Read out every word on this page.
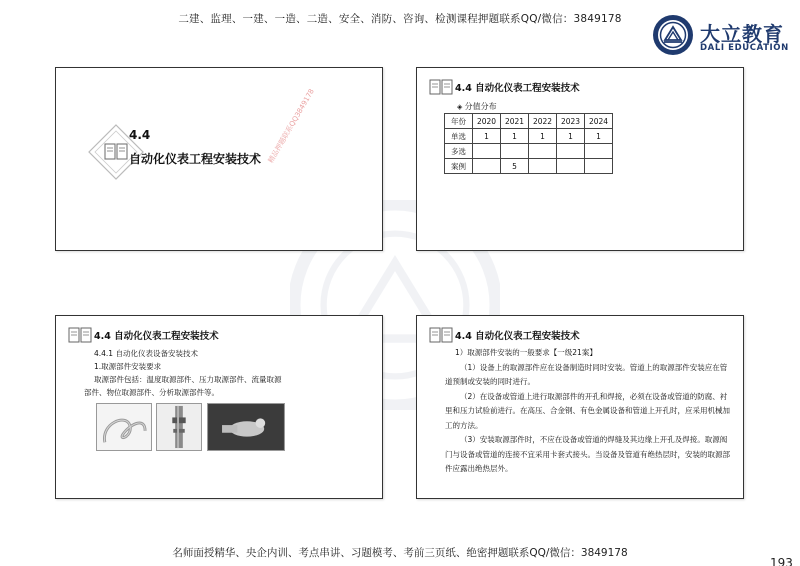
二建、监理、一建、一造、二造、安全、消防、咨询、检测课程押题联系QQ/微信：3849178
大立教育
DALI EDUCATION
4.4
自动化仪表工程安装技术 精品押题联系QQ3849178	4.4 自动化仪表工程安装技术
◈ 分值分布
年份	2020	2021	2022	2023	2024
单选	1	1	1	1	1
多选					
案例		5			
4.4 自动化仪表工程安装技术
4.4.1 自动化仪表设备安装技术
1.取源部件安装要求
取源部件包括：温度取源部件、压力取源部件、流量取源
部件、物位取源部件、分析取源部件等。
4.4 自动化仪表工程安装技术

1）取源部件安装的一般要求【一级21案】

（1）设备上的取源部件应在设备制造时同时安装。管道上的取源部件安装应在管道预制或安装的同时进行。

（2）在设备或管道上进行取源部件的开孔和焊接，必须在设备或管道的防腐、衬里和压力试验前进行。在高压、合金钢、有色金属设备和管道上开孔时，应采用机械加工的方法。

（3）安装取源部件时，不应在设备或管道的焊缝及其边缘上开孔及焊接。取源阀门与设备或管道的连接不宜采用卡套式接头。当设备及管道有绝热层时，安装的取源部件应露出绝热层外。

名师面授精华、央企内训、考点串讲、习题模考、考前三页纸、绝密押题联系QQ/微信：3849178
193
